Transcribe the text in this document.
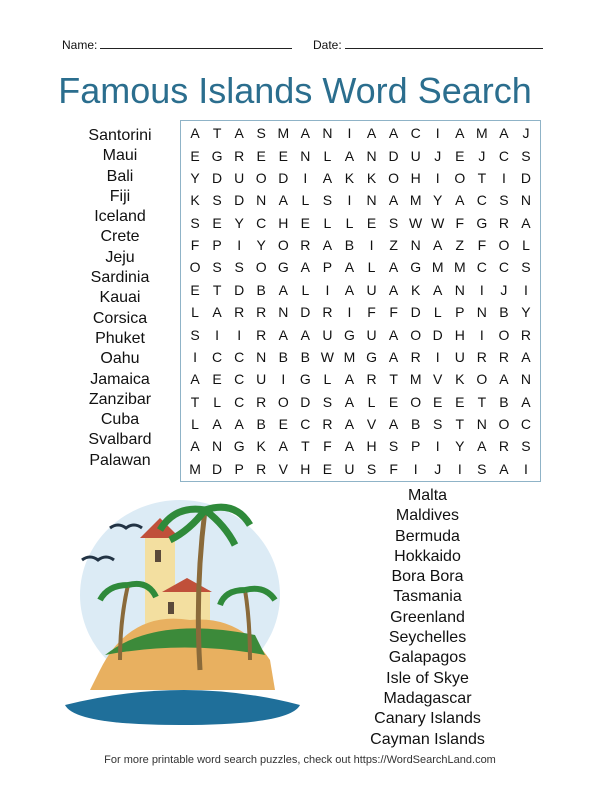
Name:	Date:
Famous Islands Word Search
A T A S M A N	I	A A C	I	A M A J
E G R E E N L A N D U J E J C S
Y D U O D	I	A K K O H	I	O T	I	D
K S D N A L S	I	N A M Y A C S N
S E Y C H E L	L E S W W F G R A
F P	I	Y O R A B	I	Z N A Z F O L
O S S O G A P A L A G M M C C S
E T D B A L	I	A U A K A N	I	J	I
L A R R N D R	I	F F D L P N B Y
S	I	I	R A A U G U A O D H	I	O R
I	C C N B B W M G A R	I	U R R A
A E C U	I	G L A R T M V K O A N
T L C R O D S A L E O E E T B A
L A A B E C R A V A B S T N O C
A N G K A T F A H S P	I	Y A R S
M D P R V H E U S F	I	J	I	S A	I
Santorini
Maui
Bali
Fiji
Iceland
Crete
Jeju
Sardinia
Kauai
Corsica
Phuket
Oahu
Jamaica
Zanzibar
Cuba
Svalbard
Palawan
Malta
Maldives
Bermuda
Hokkaido
Bora Bora
Tasmania
Greenland
Seychelles
Galapagos
Isle of Skye
Madagascar
Canary Islands
Cayman Islands
For more printable word search puzzles, check out https://WordSearchLand.com
